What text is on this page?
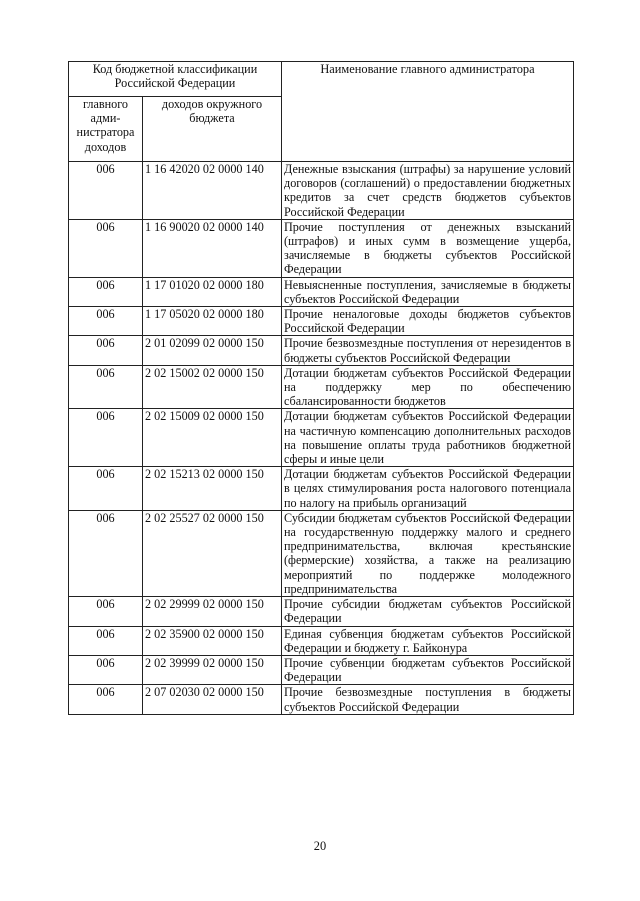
Код бюджетной классификации Российской Федерации		Наименование главного администратора
главного адми-нистратора доходов	доходов окружного бюджета	
006	1 16 42020 02 0000 140	Денежные взыскания (штрафы) за нарушение условий договоров (соглашений) о предоставлении бюджетных кредитов за счет средств бюджетов субъектов Российской Федерации
006	1 16 90020 02 0000 140	Прочие поступления от денежных взысканий (штрафов) и иных сумм в возмещение ущерба, зачисляемые в бюджеты субъектов Российской Федерации
006	1 17 01020 02 0000 180	Невыясненные поступления, зачисляемые в бюджеты субъектов Российской Федерации
006	1 17 05020 02 0000 180	Прочие неналоговые доходы бюджетов субъектов Российской Федерации
006	2 01 02099 02 0000 150	Прочие безвозмездные поступления от нерезидентов в бюджеты субъектов Российской Федерации
006	2 02 15002 02 0000 150	Дотации бюджетам субъектов Российской Федерации на поддержку мер по обеспечению сбалансированности бюджетов
006	2 02 15009 02 0000 150	Дотации бюджетам субъектов Российской Федерации на частичную компенсацию дополнительных расходов на повышение оплаты труда работников бюджетной сферы и иные цели
006	2 02 15213 02 0000 150	Дотации бюджетам субъектов Российской Федерации в целях стимулирования роста налогового потенциала по налогу на прибыль организаций
006	2 02 25527 02 0000 150	Субсидии бюджетам субъектов Российской Федерации на государственную поддержку малого и среднего предпринимательства, включая крестьянские (фермерские) хозяйства, а также на реализацию мероприятий по поддержке молодежного предпринимательства
006	2 02 29999 02 0000 150	Прочие субсидии бюджетам субъектов Российской Федерации
006	2 02 35900 02 0000 150	Единая субвенция бюджетам субъектов Российской Федерации и бюджету г. Байконура
006	2 02 39999 02 0000 150	Прочие субвенции бюджетам субъектов Российской Федерации
006	2 07 02030 02 0000 150	Прочие безвозмездные поступления в бюджеты субъектов Российской Федерации
20
